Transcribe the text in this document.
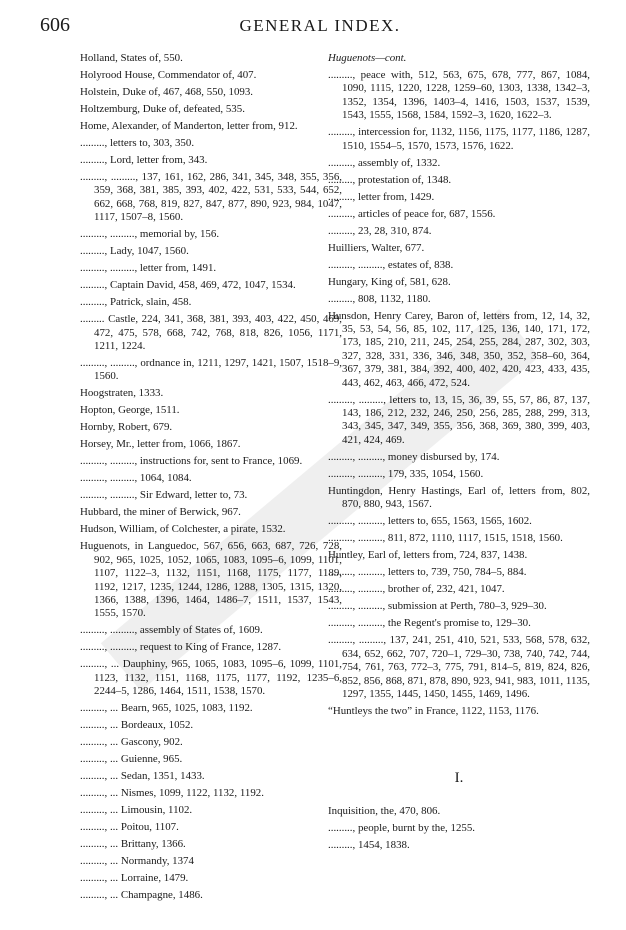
606	GENERAL INDEX.
Holland, States of, 550.
Holyrood House, Commendator of, 407.
Holstein, Duke of, 467, 468, 550, 1093.
Holtzemburg, Duke of, defeated, 535.
Home, Alexander, of Manderton, letter from, 912.
........., letters to, 303, 350.
........., Lord, letter from, 343.
........., ........., 137, 161, 162, 286, 341, 345, 348, 355, 356, 359, 368, 381, 385, 393, 402, 422, 531, 533, 544, 652, 662, 668, 768, 819, 827, 847, 877, 890, 923, 984, 1047, 1117, 1507–8, 1560.
........., ........., memorial by, 156.
........., Lady, 1047, 1560.
........., ........., letter from, 1491.
........., Captain David, 458, 469, 472, 1047, 1534.
........., Patrick, slain, 458.
......... Castle, 224, 341, 368, 381, 393, 403, 422, 450, 469, 472, 475, 578, 668, 742, 768, 818, 826, 1056, 1171, 1211, 1224.
........., ........., ordnance in, 1211, 1297, 1421, 1507, 1518–9, 1560.
Hoogstraten, 1333.
Hopton, George, 1511.
Hornby, Robert, 679.
Horsey, Mr., letter from, 1066, 1867.
........., ........., instructions for, sent to France, 1069.
........., ........., 1064, 1084.
........., ........., Sir Edward, letter to, 73.
Hubbard, the miner of Berwick, 967.
Hudson, William, of Colchester, a pirate, 1532.
Huguenots, in Languedoc, 567, 656, 663, 687, 726, 728, 902, 965, 1025, 1052, 1065, 1083, 1095–6, 1099, 1101, 1107, 1122–3, 1132, 1151, 1168, 1175, 1177, 1189, 1192, 1217, 1235, 1244, 1286, 1288, 1305, 1315, 1320, 1366, 1388, 1396, 1464, 1486–7, 1511, 1537, 1543, 1555, 1570.
........., ........., assembly of States of, 1609.
........., ........., request to King of France, 1287.
........., ... Dauphiny, 965, 1065, 1083, 1095–6, 1099, 1101, 1123, 1132, 1151, 1168, 1175, 1177, 1192, 1235–6, 2244–5, 1286, 1464, 1511, 1538, 1570.
........., ... Bearn, 965, 1025, 1083, 1192.
........., ... Bordeaux, 1052.
........., ... Gascony, 902.
........., ... Guienne, 965.
........., ... Sedan, 1351, 1433.
........., ... Nismes, 1099, 1122, 1132, 1192.
........., ... Limousin, 1102.
........., ... Poitou, 1107.
........., ... Brittany, 1366.
........., ... Normandy, 1374
........., ... Lorraine, 1479.
........., ... Champagne, 1486.
Huguenots—cont.
........., peace with, 512, 563, 675, 678, 777, 867, 1084, 1090, 1115, 1220, 1228, 1259–60, 1303, 1338, 1342–3, 1352, 1354, 1396, 1403–4, 1416, 1503, 1537, 1539, 1543, 1555, 1568, 1584, 1592–3, 1620, 1622–3.
........., intercession for, 1132, 1156, 1175, 1177, 1186, 1287, 1510, 1554–5, 1570, 1573, 1576, 1622.
........., assembly of, 1332.
........., protestation of, 1348.
........., letter from, 1429.
........., articles of peace for, 687, 1556.
........., 23, 28, 310, 874.
Huilliers, Walter, 677.
........., ........., estates of, 838.
Hungary, King of, 581, 628.
........., 808, 1132, 1180.
Hunsdon, Henry Carey, Baron of, letters from, 12, 14, 32, 35, 53, 54, 56, 85, 102, 117, 125, 136, 140, 171, 172, 173, 185, 210, 211, 245, 254, 255, 284, 287, 302, 303, 327, 328, 331, 336, 346, 348, 350, 352, 358–60, 364, 367, 379, 381, 384, 392, 400, 402, 420, 423, 433, 435, 443, 462, 463, 466, 472, 524.
........., ........., letters to, 13, 15, 36, 39, 55, 57, 86, 87, 137, 143, 186, 212, 232, 246, 250, 256, 285, 288, 299, 313, 343, 345, 347, 349, 355, 356, 368, 369, 380, 399, 403, 421, 424, 469.
........., ........., money disbursed by, 174.
........., ........., 179, 335, 1054, 1560.
Huntingdon, Henry Hastings, Earl of, letters from, 802, 870, 880, 943, 1567.
........., ........., letters to, 655, 1563, 1565, 1602.
........., ........., 811, 872, 1110, 1117, 1515, 1518, 1560.
Huntley, Earl of, letters from, 724, 837, 1438.
........., ........., letters to, 739, 750, 784–5, 884.
........., ........., brother of, 232, 421, 1047.
........., ........., submission at Perth, 780–3, 929–30.
........., ........., the Regent's promise to, 129–30.
........., ........., 137, 241, 251, 410, 521, 533, 568, 578, 632, 634, 652, 662, 707, 720–1, 729–30, 738, 740, 742, 744, 754, 761, 763, 772–3, 775, 791, 814–5, 819, 824, 826, 852, 856, 868, 871, 878, 890, 923, 941, 983, 1011, 1135, 1297, 1355, 1445, 1450, 1455, 1469, 1496.
“Huntleys the two” in France, 1122, 1153, 1176.
I.
Inquisition, the, 470, 806.
........., people, burnt by the, 1255.
........., 1454, 1838.
